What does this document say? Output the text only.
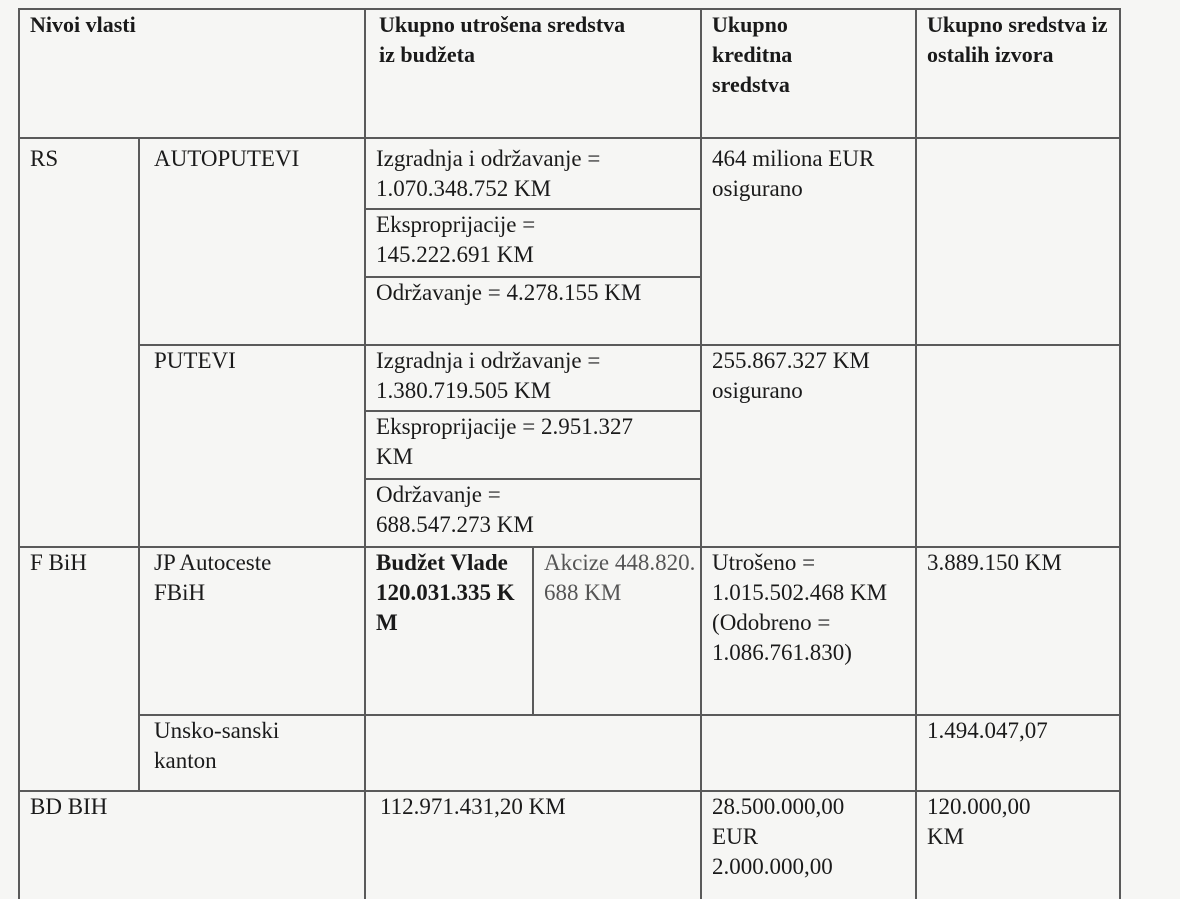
Nivoi vlasti		Ukupno utrošena sredstva iz budžeta		Ukupno kreditna sredstva	Ukupno sredstva iz ostalih izvora
RS	AUTOPUTEVI	Izgradnja i održavanje = 1.070.348.752 KM		464 miliona EUR osigurano	
		Eksproprijacije = 145.222.691 KM			
		Održavanje = 4.278.155 KM			
	PUTEVI	Izgradnja i održavanje = 1.380.719.505 KM		255.867.327 KM osigurano	
		Eksproprijacije = 2.951.327 KM			
		Održavanje = 688.547.273 KM			
F BiH	JP Autoceste FBiH	Budžet Vlade 120.031.335 KM	Akcize 448.820.688 KM	Utrošeno = 1.015.502.468 KM (Odobreno = 1.086.761.830)	3.889.150 KM
	Unsko-sanski kanton				1.494.047,07
BD BIH		112.971.431,20 KM		28.500.000,00 EUR 2.000.000,00	120.000,00 KM
